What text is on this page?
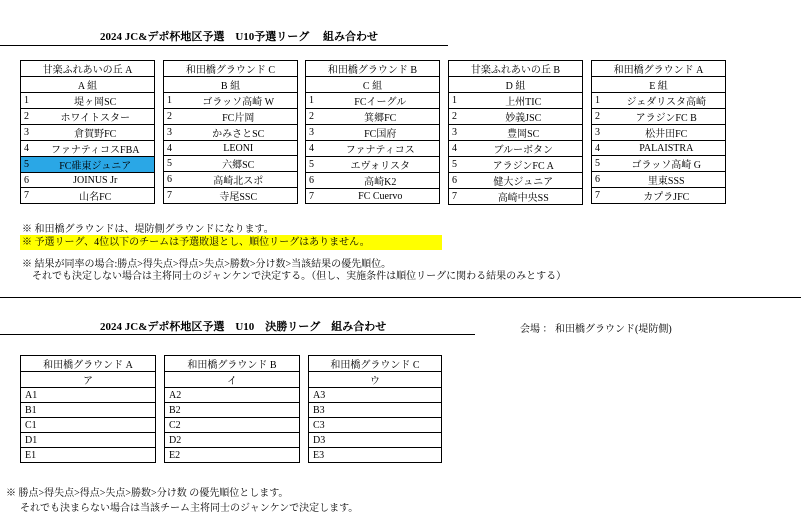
2024 JC&デポ杯地区予選　U10予選リーグ　 組み合わせ
甘楽ふれあいの丘 A	
A 組	
1	堤ヶ岡SC
2	ホワイトスター
3	倉賀野FC
4	ファナティコスFBA
5	FC碓東ジュニア
6	JOINUS Jr
7	山名FC
和田橋グラウンド C	
B 組	
1	ゴラッソ高崎 W
2	FC片岡
3	かみさとSC
4	LEONI
5	六郷SC
6	高崎北スポ
7	寺尾SSC
和田橋グラウンド B	
C 組	
1	FCイーグル
2	箕郷FC
3	FC国府
4	ファナティコス
5	エヴォリスタ
6	高崎K2
7	FC Cuervo
甘楽ふれあいの丘 B	
D 組	
1	上州TIC
2	妙義JSC
3	豊岡SC
4	ブルーボタン
5	アラジンFC A
6	健大ジュニア
7	高崎中央SS
和田橋グラウンド A	
E 組	
1	ジェダリスタ高崎
2	アラジンFC B
3	松井田FC
4	PALAISTRA
5	ゴラッソ高崎 G
6	里東SSS
7	カプラJFC
※ 和田橋グラウンドは、堤防側グラウンドになります。
※ 予選リーグ、4位以下のチームは予選敗退とし、順位リーグはありません。
※ 結果が同率の場合:勝点>得失点>得点>失点>勝数>分け数>当該結果の優先順位。
それでも決定しない場合は主将同士のジャンケンで決定する。（但し、実施条件は順位リーグに関わる結果のみとする）
2024 JC&デポ杯地区予選　U10　決勝リーグ　組み合わせ	会場 ： 和田橋グラウンド(堤防側)
和田橋グラウンド A
ア
A1
B1
C1
D1
E1
和田橋グラウンド B
イ
A2
B2
C2
D2
E2
和田橋グラウンド C
ウ
A3
B3
C3
D3
E3
※ 勝点>得失点>得点>失点>勝数>分け数 の優先順位とします。
それでも決まらない場合は当該チーム主将同士のジャンケンで決定します。
